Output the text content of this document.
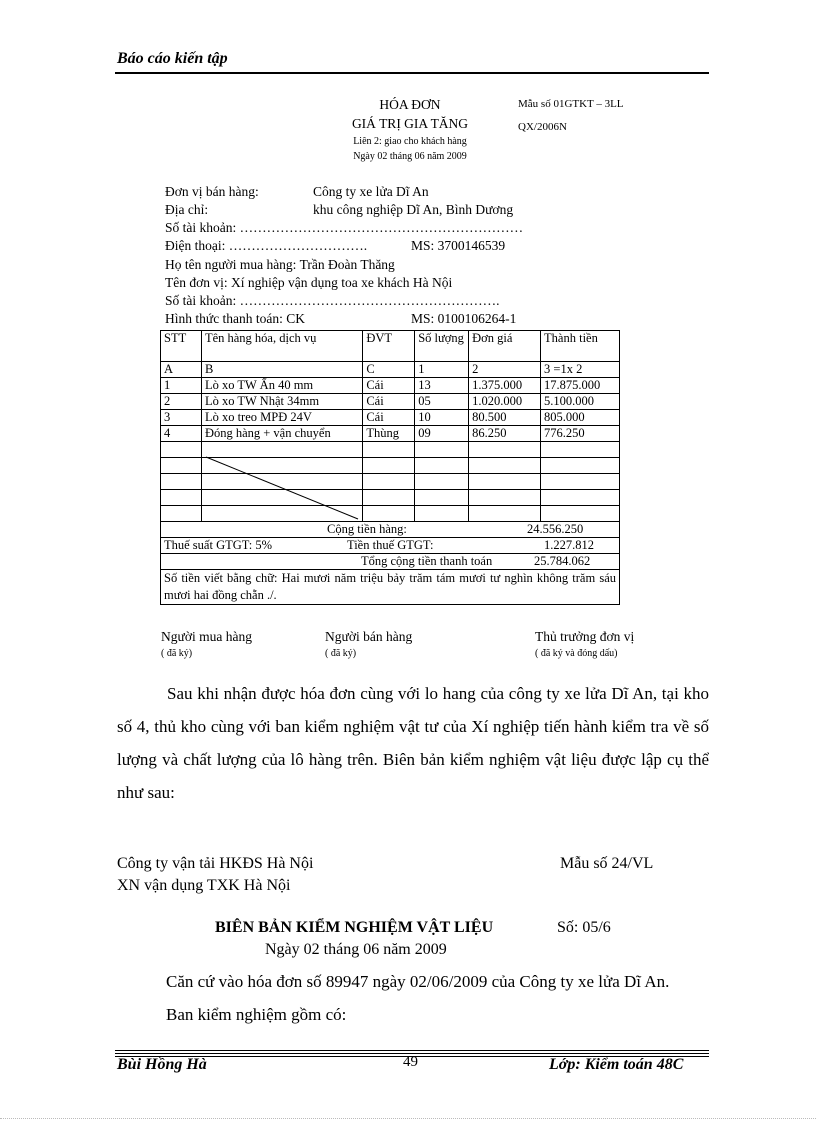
Báo cáo kiến tập
HÓA ĐƠN
GIÁ TRỊ GIA TĂNG
Liên 2: giao cho khách hàng
Ngày 02 tháng 06 năm 2009
Mẫu số 01GTKT – 3LL
QX/2006N
Đơn vị bán hàng:	Công ty xe lửa Dĩ An
Địa chỉ:	khu công nghiệp Dĩ An, Bình Dương
Số tài khoản: ………………………………………………………
Điện thoại: ………………………….	MS: 3700146539
Họ tên người mua hàng: Trần Đoàn Thăng
Tên đơn vị: Xí nghiệp vận dụng toa xe khách Hà Nội
Số tài khoản: ………………………………………………….
Hình thức thanh toán: CK	MS: 0100106264-1
STT	Tên hàng hóa, dịch vụ	ĐVT	Số lượng	Đơn giá	Thành tiền
A	B	C	1	2	3 =1x 2
1	Lò xo TW Ấn 40 mm	Cái	13	1.375.000	17.875.000
2	Lò xo TW Nhật 34mm	Cái	05	1.020.000	5.100.000
3	Lò xo treo MPĐ 24V	Cái	10	80.500	805.000
4	Đóng hàng + vận chuyển	Thùng	09	86.250	776.250

Cộng tiền hàng: 24.556.250					

Thuế suất GTGT: 5% Tiền thuế GTGT: 1.227.812					

Tổng cộng tiền thanh toán 25.784.062					

Số tiền viết bằng chữ: Hai mươi năm triệu bảy trăm tám mươi tư nghìn không trăm sáu mươi hai đồng chẵn ./.					
Người mua hàng
( đã ký)
Người bán hàng
( đã ký)
Thủ trưởng đơn vị
( đã ký và đóng dấu)
Sau khi nhận được hóa đơn cùng với lo hang của công ty xe lửa Dĩ An, tại kho số 4, thủ kho cùng với ban kiểm nghiệm vật tư của Xí nghiệp tiến hành kiểm tra về số lượng và chất lượng của lô hàng trên. Biên bản kiểm nghiệm vật liệu được lập cụ thể như sau:
Công ty vận tải HKĐS Hà Nội
XN vận dụng TXK Hà Nội
Mẫu số 24/VL
BIÊN BẢN KIỂM NGHIỆM VẬT LIỆU	Số: 05/6
Ngày 02 tháng 06 năm 2009
Căn cứ vào hóa đơn số 89947 ngày 02/06/2009 của Công ty xe lửa Dĩ An.
Ban kiểm nghiệm gồm có:
Bùi Hồng Hà	49	Lớp: Kiểm toán 48C
